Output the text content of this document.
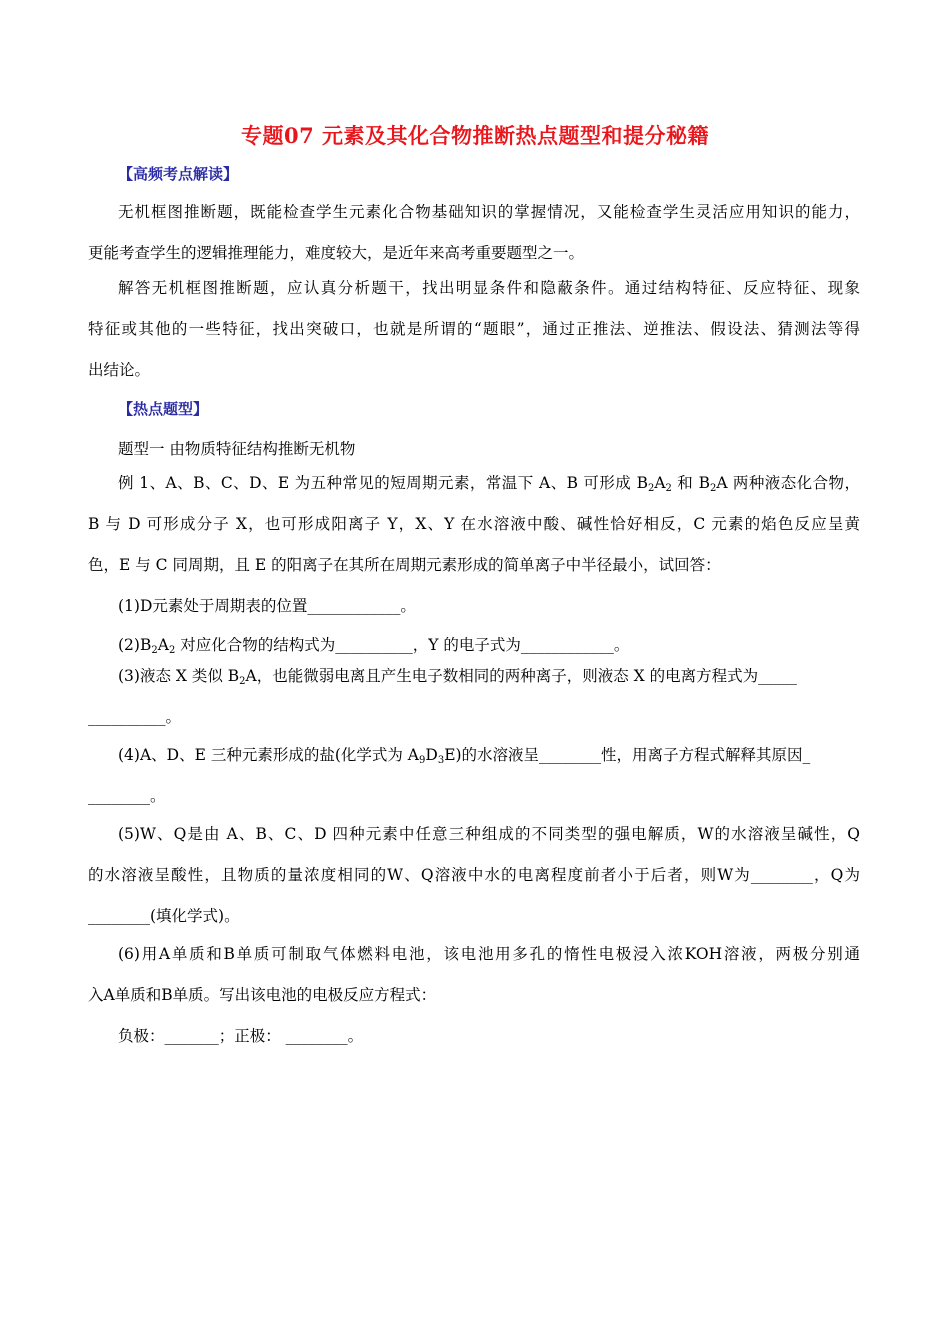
专题07 元素及其化合物推断热点题型和提分秘籍
【高频考点解读】

无机框图推断题，既能检查学生元素化合物基础知识的掌握情况，又能检查学生灵活应用知识的能力，
更能考查学生的逻辑推理能力，难度较大，是近年来高考重要题型之一。

解答无机框图推断题，应认真分析题干，找出明显条件和隐蔽条件。通过结构特征、反应特征、现象
特征或其他的一些特征，找出突破口，也就是所谓的“题眼”，通过正推法、逆推法、假设法、猜测法等得
出结论。

【热点题型】
题型一 由物质特征结构推断无机物

例 1、A、B、C、D、E 为五种常见的短周期元素，常温下 A、B 可形成 $B_2A_2$ 和 $B_2A$ 两种液态化合物，
B 与 D 可形成分子 X，也可形成阳离子 Y，X、Y 在水溶液中酸、碱性恰好相反，C 元素的焰色反应呈黄
色，E 与 C 同周期，且 E 的阳离子在其所在周期元素形成的简单离子中半径最小，试回答：

(1)D元素处于周期表的位置____________。
$(2)B_2A_2$ 对应化合物的结构式为__________，Y 的电子式为____________。

(3)液态 X 类似 $B_2A$，也能微弱电离且产生电子数相同的两种离子，则液态 X 的电离方程式为_____
__________。

(4)A、D、E 三种元素形成的盐(化学式为 $A_9D_3E$)的水溶液呈________性，用离子方程式解释其原因_
________。

(5)W、Q是由 A、B、C、D 四种元素中任意三种组成的不同类型的强电解质，W的水溶液呈碱性，Q
的水溶液呈酸性，且物质的量浓度相同的W、Q溶液中水的电离程度前者小于后者，则W为________，Q为
________(填化学式)。

(6)用A单质和B单质可制取气体燃料电池，该电池用多孔的惰性电极浸入浓KOH溶液，两极分别通
入A单质和B单质。写出该电池的电极反应方程式：
负极：_______；正极： ________。
